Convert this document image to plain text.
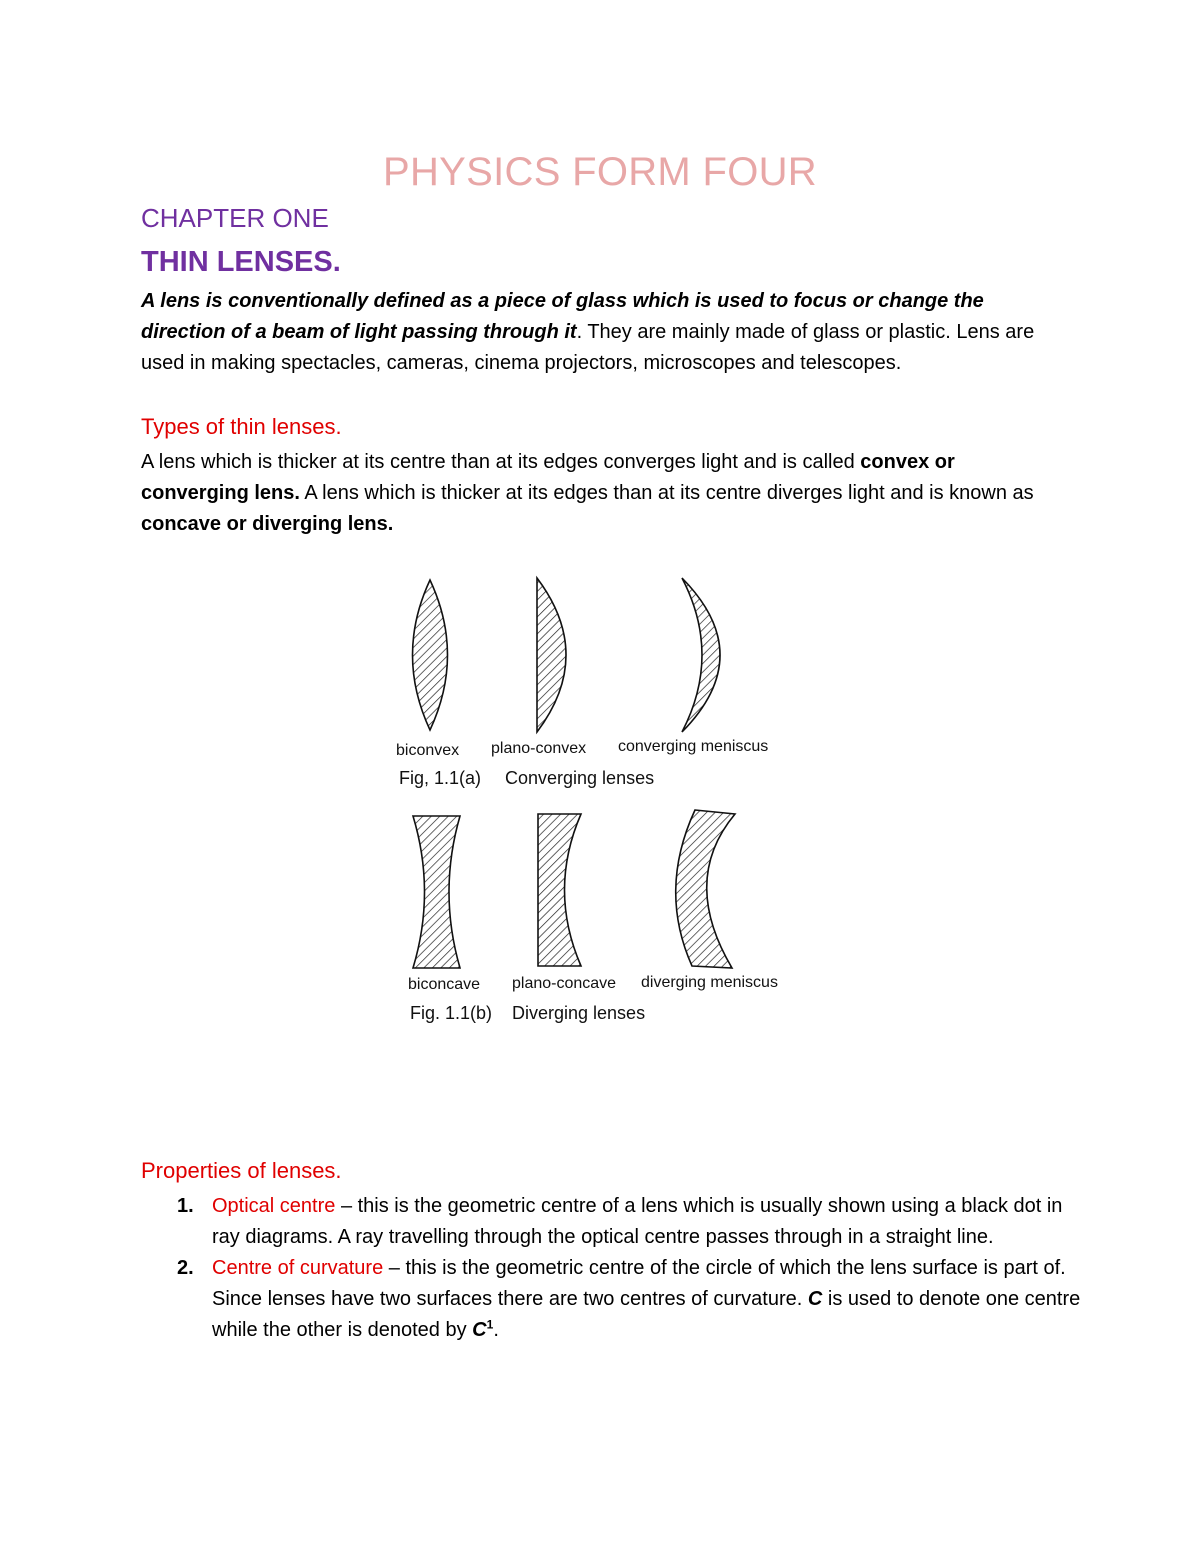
PHYSICS FORM FOUR
CHAPTER ONE
THIN LENSES.

A lens is conventionally defined as a piece of glass which is used to focus or change the direction of a beam of light passing through it. They are mainly made of glass or plastic. Lens are used in making spectacles, cameras, cinema projectors, microscopes and telescopes.

Types of thin lenses.

A lens which is thicker at its centre than at its edges converges light and is called convex or converging lens. A lens which is thicker at its edges than at its centre diverges light and is known as concave or diverging lens.

biconvex plano-convex converging meniscus
Fig, 1.1(a) Converging lenses
biconcave plano-concave diverging meniscus
Fig. 1.1(b) Diverging lenses
Properties of lenses.
1. Optical centre – this is the geometric centre of a lens which is usually shown using a black dot in ray diagrams. A ray travelling through the optical centre passes through in a straight line.
2. Centre of curvature – this is the geometric centre of the circle of which the lens surface is part of. Since lenses have two surfaces there are two centres of curvature. C is used to denote one centre while the other is denoted by $C^1$.
